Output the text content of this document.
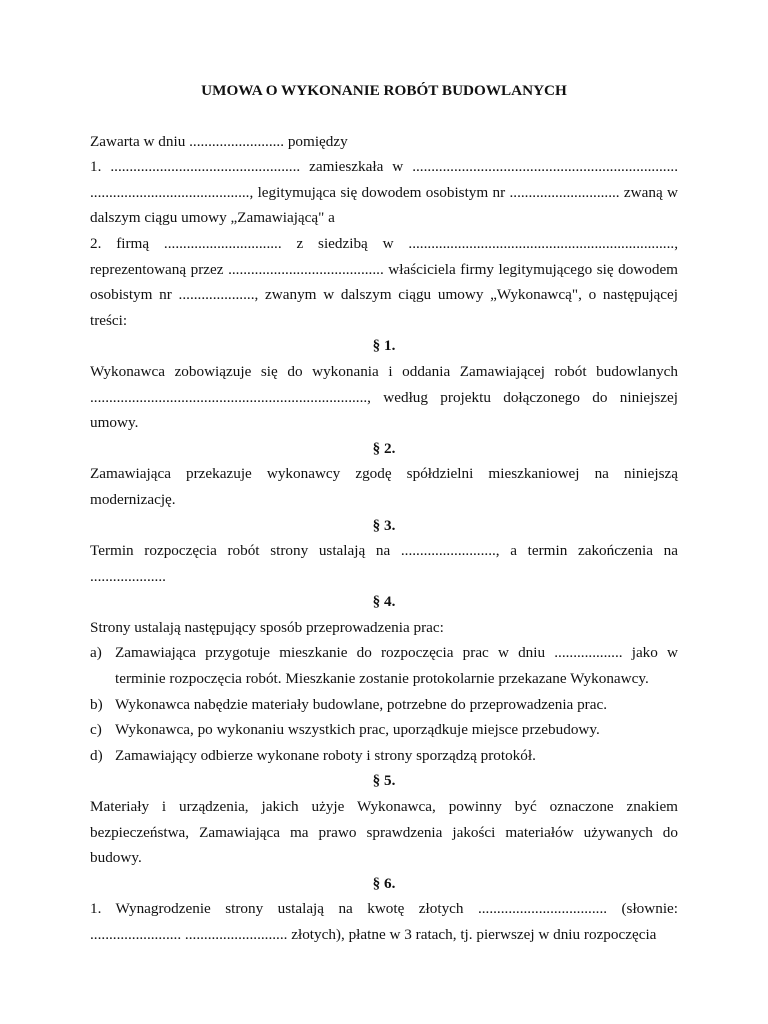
UMOWA O WYKONANIE ROBÓT BUDOWLANYCH

Zawarta w dniu ......................... pomiędzy

1. .................................................. zamieszkała w ...................................................................... .........................................., legitymująca się dowodem osobistym nr ............................. zwaną w dalszym ciągu umowy „Zamawiającą" a

2. firmą ............................... z siedzibą w ......................................................................, reprezentowaną przez ......................................... właściciela firmy legitymującego się dowodem osobistym nr ...................., zwanym w dalszym ciągu umowy „Wykonawcą", o następującej treści:

§ 1.

Wykonawca zobowiązuje się do wykonania i oddania Zamawiającej robót budowlanych ........................................................................., według projektu dołączonego do niniejszej umowy.

§ 2.

Zamawiająca przekazuje wykonawcy zgodę spółdzielni mieszkaniowej na niniejszą modernizację.

§ 3.

Termin rozpoczęcia robót strony ustalają na ........................., a termin zakończenia na ....................

§ 4.

Strony ustalają następujący sposób przeprowadzenia prac:

a) Zamawiająca przygotuje mieszkanie do rozpoczęcia prac w dniu .................. jako w terminie rozpoczęcia robót. Mieszkanie zostanie protokolarnie przekazane Wykonawcy.
b) Wykonawca nabędzie materiały budowlane, potrzebne do przeprowadzenia prac.
c) Wykonawca, po wykonaniu wszystkich prac, uporządkuje miejsce przebudowy.
d) Zamawiający odbierze wykonane roboty i strony sporządzą protokół.
§ 5.

Materiały i urządzenia, jakich użyje Wykonawca, powinny być oznaczone znakiem bezpieczeństwa, Zamawiająca ma prawo sprawdzenia jakości materiałów używanych do budowy.

§ 6.

1. Wynagrodzenie strony ustalają na kwotę złotych .................................. (słownie: ........................ ........................... złotych), płatne w 3 ratach, tj. pierwszej w dniu rozpoczęcia
